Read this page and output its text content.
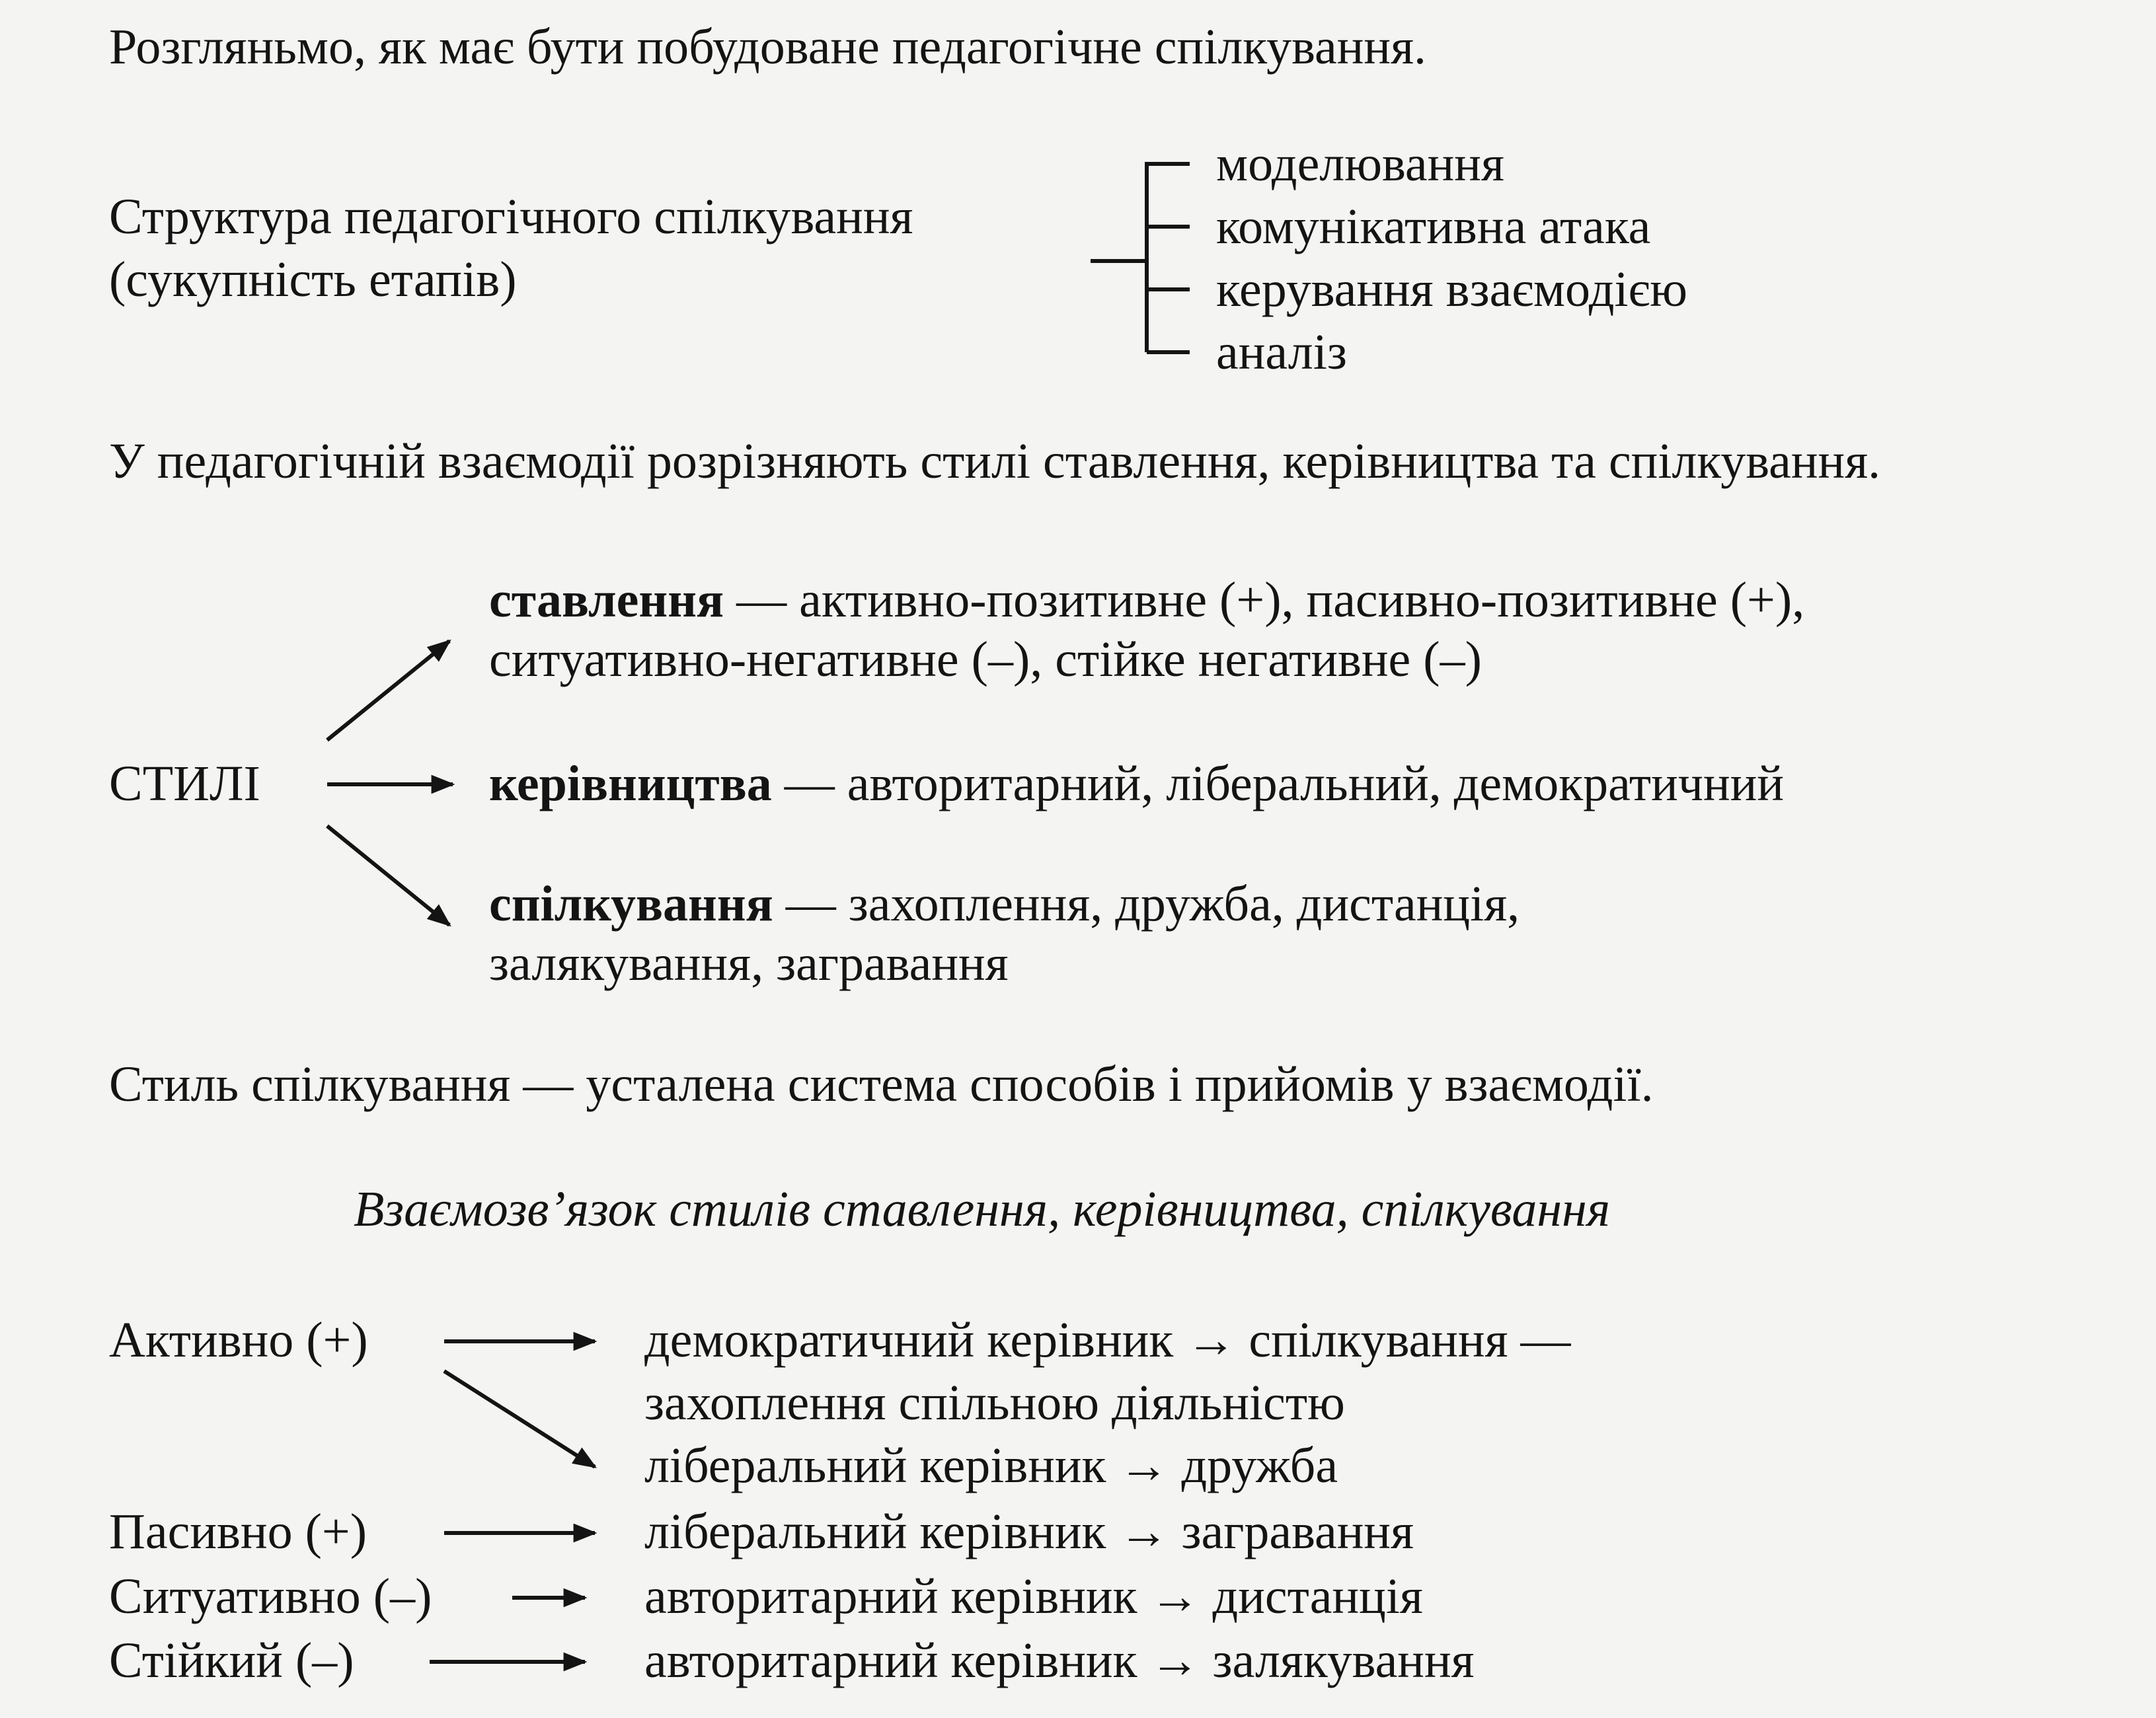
Розгляньмо, як має бути побудоване педагогічне спілкування.

Структура педагогічного спілкування

(сукупність етапів)

моделювання

комунікативна атака

керування взаємодією

аналіз

У педагогічній взаємодії розрізняють стилі ставлення, керівництва та спілкування.

ставлення — активно-позитивне (+), пасивно-позитивне (+),

ситуативно-негативне (–), стійке негативне (–)

СТИЛІ	керівництва — авторитарний, ліберальний, демократичний

спілкування — захоплення, дружба, дистанція,

залякування, загравання

Стиль спілкування — усталена система способів і прийомів у взаємодії.

Взаємозв’язок стилів ставлення, керівництва, спілкування

Активно (+)	демократичний керівник → спілкування —

захоплення спільною діяльністю

ліберальний керівник → дружба

Пасивно (+)	ліберальний керівник → загравання

Ситуативно (–)	авторитарний керівник → дистанція

Стійкий (–)	авторитарний керівник → залякування
